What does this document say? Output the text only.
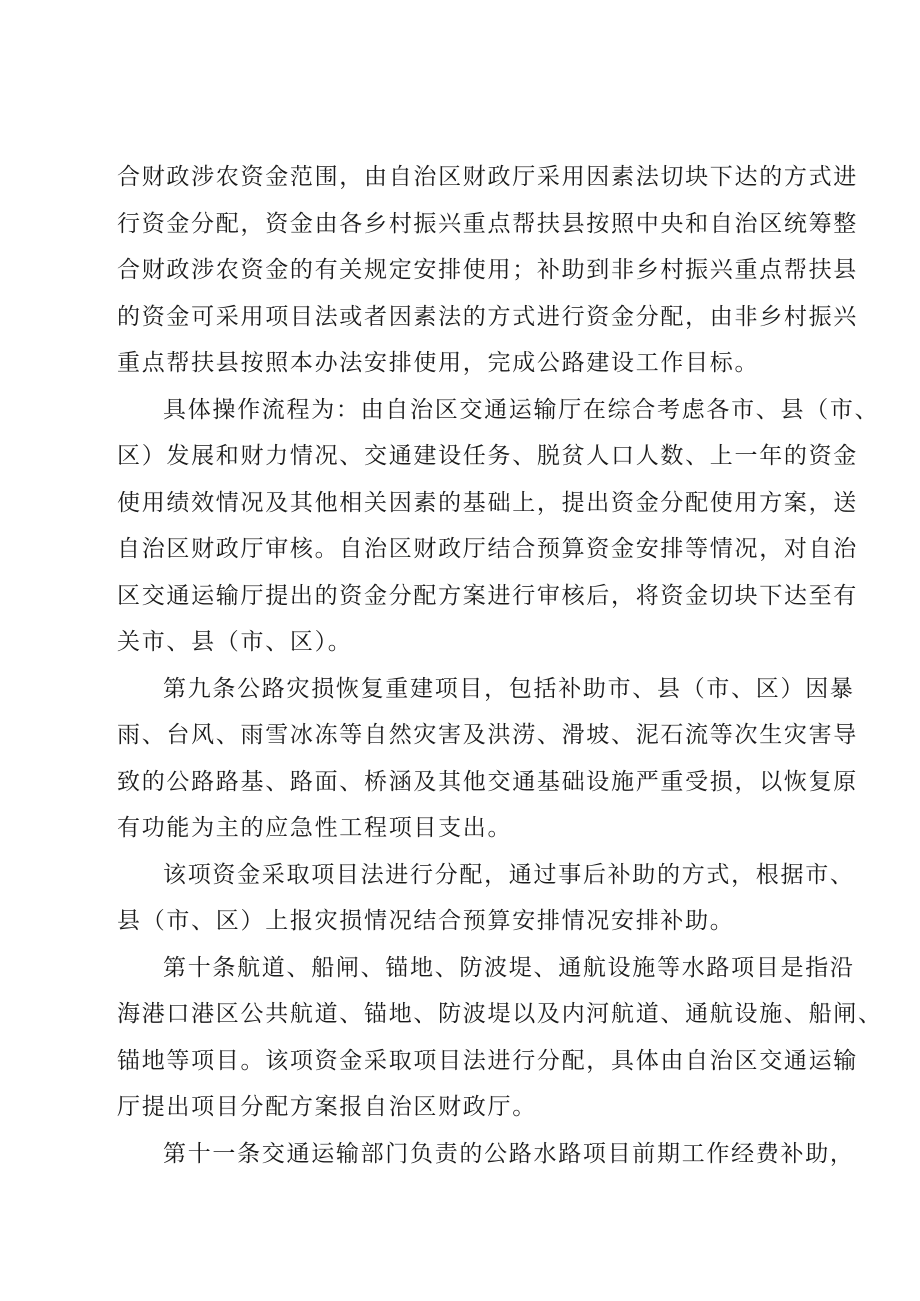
合财政涉农资金范围，由自治区财政厅采用因素法切块下达的方式进
行资金分配，资金由各乡村振兴重点帮扶县按照中央和自治区统筹整
合财政涉农资金的有关规定安排使用；补助到非乡村振兴重点帮扶县
的资金可采用项目法或者因素法的方式进行资金分配，由非乡村振兴
重点帮扶县按照本办法安排使用，完成公路建设工作目标。
具体操作流程为：由自治区交通运输厅在综合考虑各市、县（市、
区）发展和财力情况、交通建设任务、脱贫人口人数、上一年的资金
使用绩效情况及其他相关因素的基础上，提出资金分配使用方案，送
自治区财政厅审核。自治区财政厅结合预算资金安排等情况，对自治
区交通运输厅提出的资金分配方案进行审核后，将资金切块下达至有
关市、县（市、区）。
第九条公路灾损恢复重建项目，包括补助市、县（市、区）因暴
雨、台风、雨雪冰冻等自然灾害及洪涝、滑坡、泥石流等次生灾害导
致的公路路基、路面、桥涵及其他交通基础设施严重受损，以恢复原
有功能为主的应急性工程项目支出。
该项资金采取项目法进行分配，通过事后补助的方式，根据市、
县（市、区）上报灾损情况结合预算安排情况安排补助。
第十条航道、船闸、锚地、防波堤、通航设施等水路项目是指沿
海港口港区公共航道、锚地、防波堤以及内河航道、通航设施、船闸、
锚地等项目。该项资金采取项目法进行分配，具体由自治区交通运输
厅提出项目分配方案报自治区财政厅。
第十一条交通运输部门负责的公路水路项目前期工作经费补助，
